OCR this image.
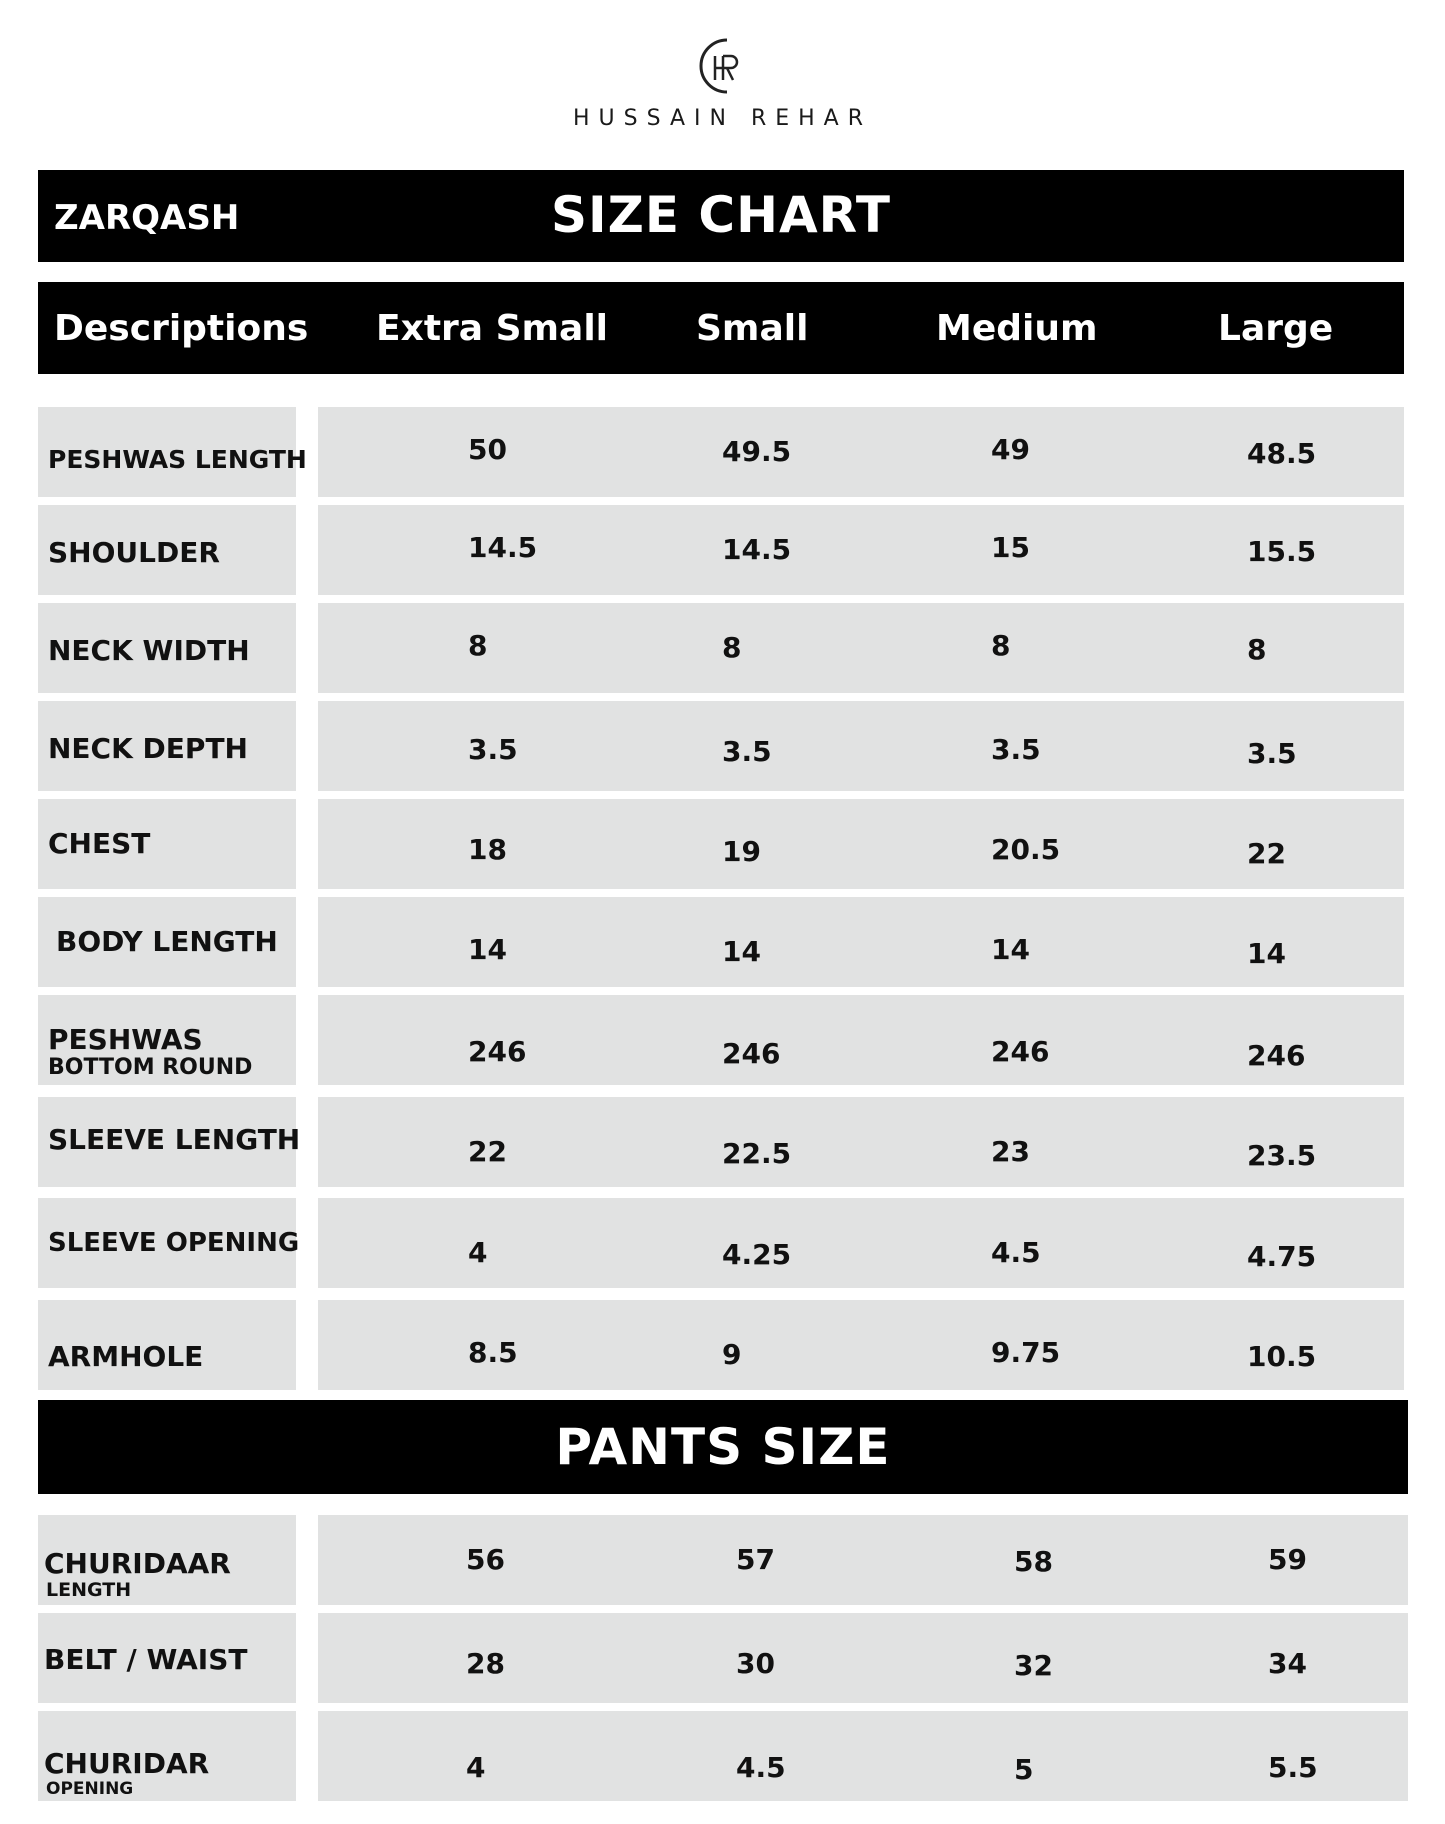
HUSSAIN REHAR
ZARQASH	SIZE CHART
Descriptions Extra Small Small	Medium	Large
PESHWAS LENGTH	50	49.5	49	48.5
SHOULDER	14.5	14.5	15	15.5
NECK WIDTH	8	8	8	8
NECK DEPTH	3.5	3.5	3.5	3.5
CHEST	18	19	20.5	22
BODY LENGTH	14	14	14	14
PESHWAS
BOTTOM ROUND	246	246	246	246
SLEEVE LENGTH	22	22.5	23	23.5
SLEEVE OPENING	4	4.25	4.5	4.75
ARMHOLE	8.5	9	9.75	10.5
PANTS SIZE
CHURIDAAR
LENGTH
56	57	58	59
BELT / WAIST	28	30	32	34
CHURIDAR
OPENING
4	4.5	5	5.5
